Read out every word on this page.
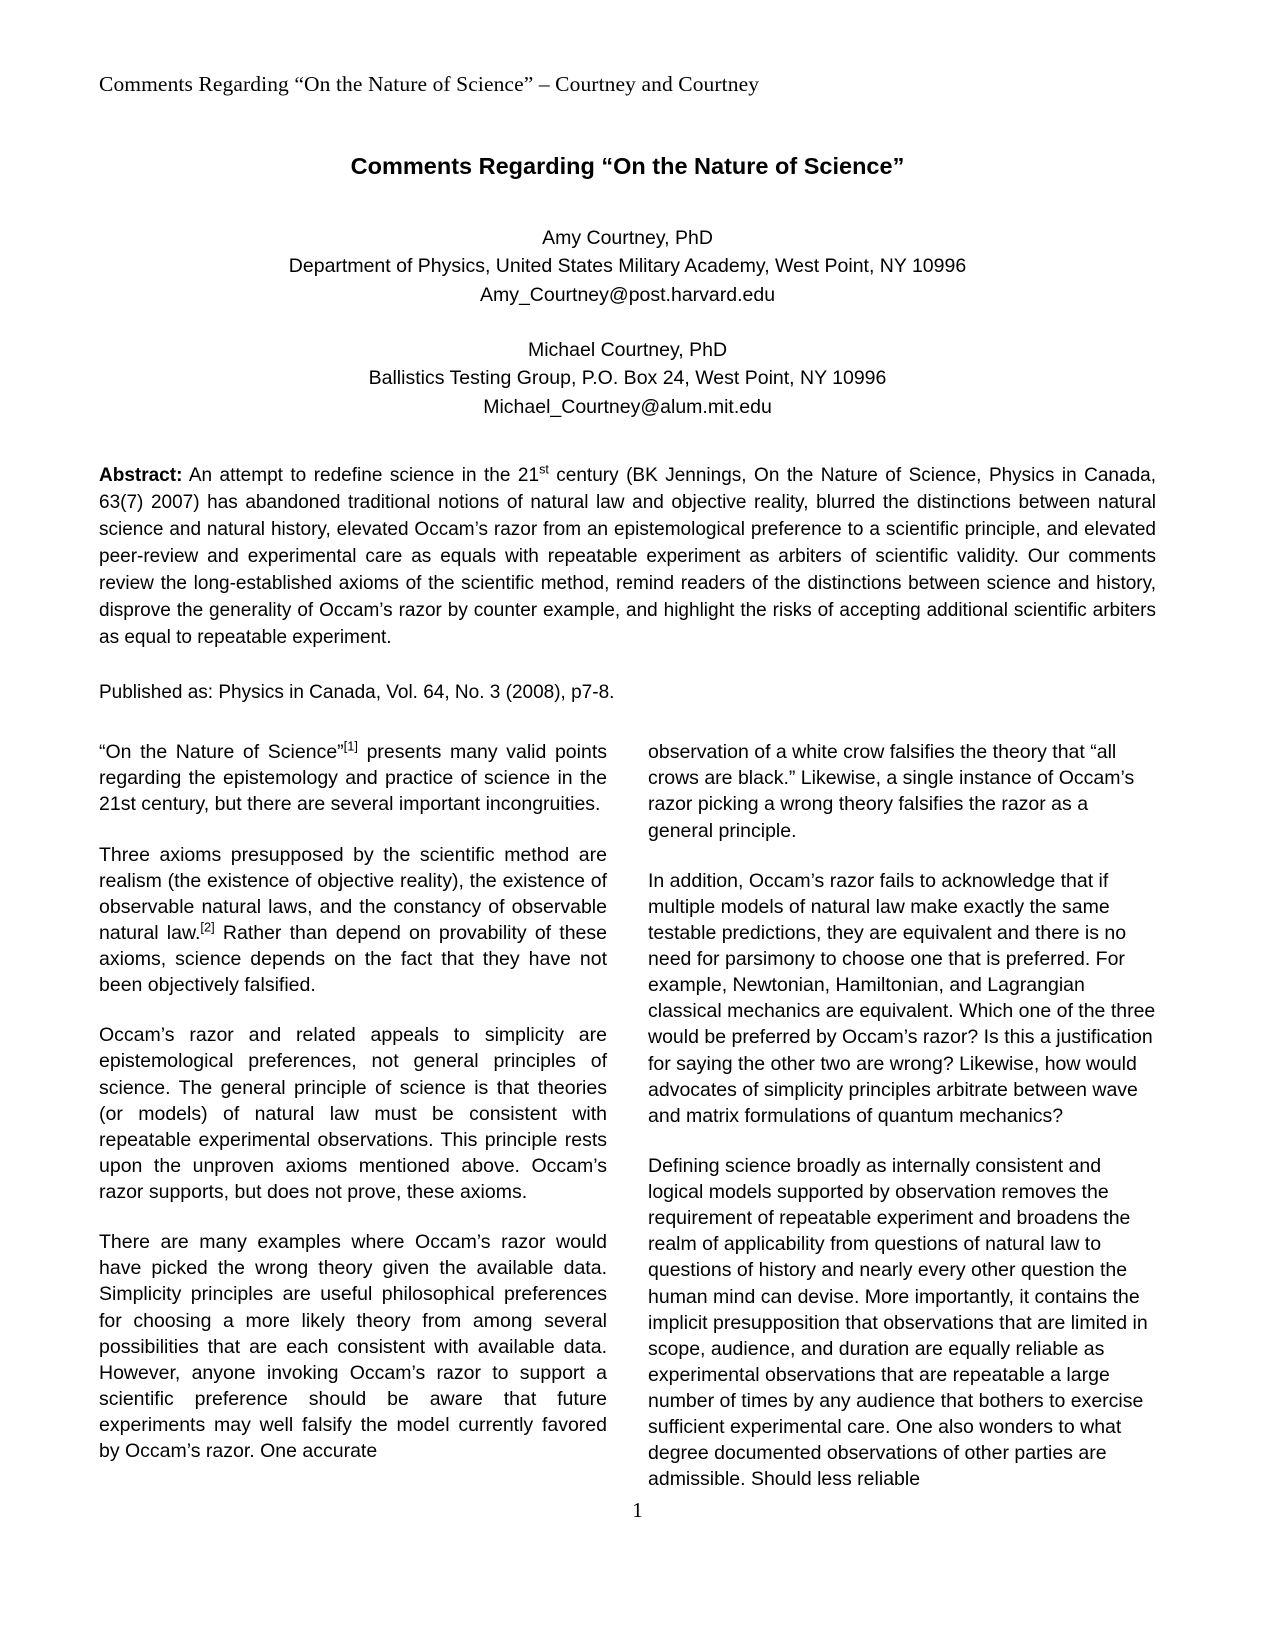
Comments Regarding “On the Nature of Science” – Courtney and Courtney
Comments Regarding “On the Nature of Science”
Amy Courtney, PhD
Department of Physics, United States Military Academy, West Point, NY 10996
Amy_Courtney@post.harvard.edu
Michael Courtney, PhD
Ballistics Testing Group, P.O. Box 24, West Point, NY 10996
Michael_Courtney@alum.mit.edu
Abstract: An attempt to redefine science in the 21st century (BK Jennings, On the Nature of Science, Physics in Canada, 63(7) 2007) has abandoned traditional notions of natural law and objective reality, blurred the distinctions between natural science and natural history, elevated Occam’s razor from an epistemological preference to a scientific principle, and elevated peer-review and experimental care as equals with repeatable experiment as arbiters of scientific validity. Our comments review the long-established axioms of the scientific method, remind readers of the distinctions between science and history, disprove the generality of Occam’s razor by counter example, and highlight the risks of accepting additional scientific arbiters as equal to repeatable experiment.
Published as: Physics in Canada, Vol. 64, No. 3 (2008), p7-8.

“On the Nature of Science”[1] presents many valid points regarding the epistemology and practice of science in the 21st century, but there are several important incongruities.

Three axioms presupposed by the scientific method are realism (the existence of objective reality), the existence of observable natural laws, and the constancy of observable natural law.[2] Rather than depend on provability of these axioms, science depends on the fact that they have not been objectively falsified.

Occam’s razor and related appeals to simplicity are epistemological preferences, not general principles of science. The general principle of science is that theories (or models) of natural law must be consistent with repeatable experimental observations. This principle rests upon the unproven axioms mentioned above. Occam’s razor supports, but does not prove, these axioms.

There are many examples where Occam’s razor would have picked the wrong theory given the available data. Simplicity principles are useful philosophical preferences for choosing a more likely theory from among several possibilities that are each consistent with available data. However, anyone invoking Occam’s razor to support a scientific preference should be aware that future experiments may well falsify the model currently favored by Occam’s razor. One accurate

observation of a white crow falsifies the theory that “all crows are black.” Likewise, a single instance of Occam’s razor picking a wrong theory falsifies the razor as a general principle.

In addition, Occam’s razor fails to acknowledge that if multiple models of natural law make exactly the same testable predictions, they are equivalent and there is no need for parsimony to choose one that is preferred. For example, Newtonian, Hamiltonian, and Lagrangian classical mechanics are equivalent. Which one of the three would be preferred by Occam’s razor? Is this a justification for saying the other two are wrong? Likewise, how would advocates of simplicity principles arbitrate between wave and matrix formulations of quantum mechanics?

Defining science broadly as internally consistent and logical models supported by observation removes the requirement of repeatable experiment and broadens the realm of applicability from questions of natural law to questions of history and nearly every other question the human mind can devise. More importantly, it contains the implicit presupposition that observations that are limited in scope, audience, and duration are equally reliable as experimental observations that are repeatable a large number of times by any audience that bothers to exercise sufficient experimental care. One also wonders to what degree documented observations of other parties are admissible. Should less reliable

1
